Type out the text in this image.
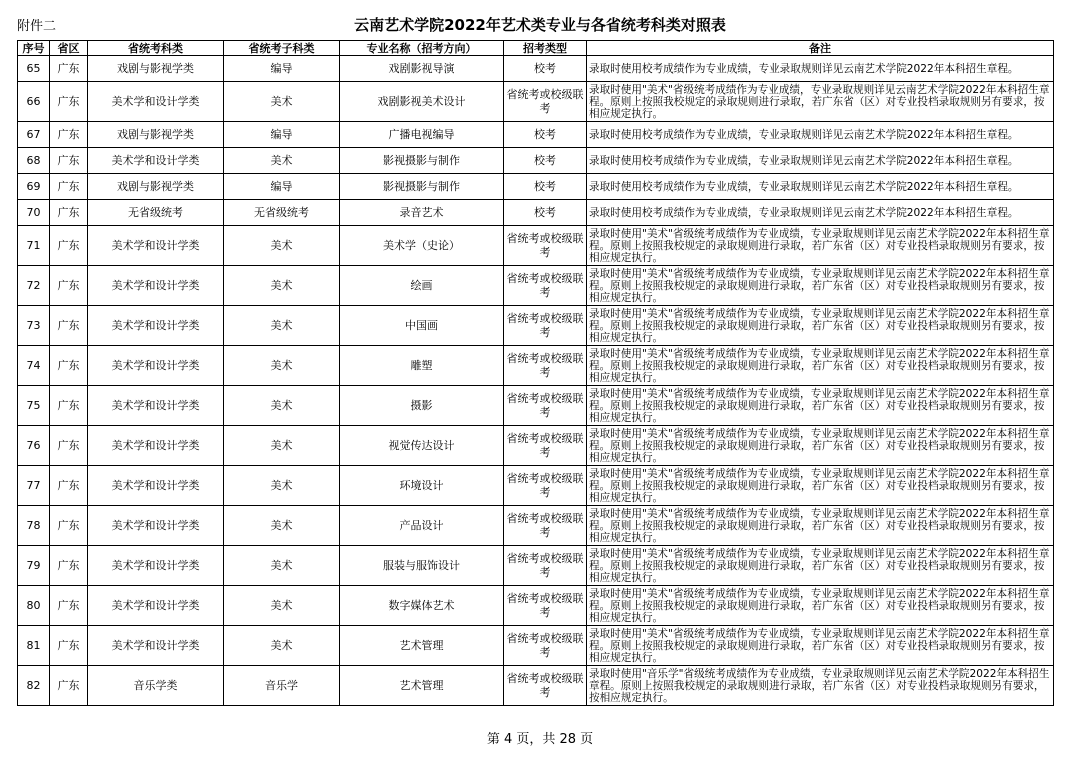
附件二	云南艺术学院2022年艺术类专业与各省统考科类对照表
序号	省区	省统考科类	省统考子科类	专业名称（招考方向）	招考类型	备注
65	广东	戏剧与影视学类	编导	戏剧影视导演	校考	录取时使用校考成绩作为专业成绩，专业录取规则详见云南艺术学院2022年本科招生章程。
66	广东	美术学和设计学类	美术	戏剧影视美术设计	省统考或校级联考	录取时使用"美术"省级统考成绩作为专业成绩，专业录取规则详见云南艺术学院2022年本科招生章程。原则上按照我校规定的录取规则进行录取，若广东省（区）对专业投档录取规则另有要求，按相应规定执行。
67	广东	戏剧与影视学类	编导	广播电视编导	校考	录取时使用校考成绩作为专业成绩，专业录取规则详见云南艺术学院2022年本科招生章程。
68	广东	美术学和设计学类	美术	影视摄影与制作	校考	录取时使用校考成绩作为专业成绩，专业录取规则详见云南艺术学院2022年本科招生章程。
69	广东	戏剧与影视学类	编导	影视摄影与制作	校考	录取时使用校考成绩作为专业成绩，专业录取规则详见云南艺术学院2022年本科招生章程。
70	广东	无省级统考	无省级统考	录音艺术	校考	录取时使用校考成绩作为专业成绩，专业录取规则详见云南艺术学院2022年本科招生章程。
71	广东	美术学和设计学类	美术	美术学（史论）	省统考或校级联考	录取时使用"美术"省级统考成绩作为专业成绩，专业录取规则详见云南艺术学院2022年本科招生章程。原则上按照我校规定的录取规则进行录取，若广东省（区）对专业投档录取规则另有要求，按相应规定执行。
72	广东	美术学和设计学类	美术	绘画	省统考或校级联考	录取时使用"美术"省级统考成绩作为专业成绩，专业录取规则详见云南艺术学院2022年本科招生章程。原则上按照我校规定的录取规则进行录取，若广东省（区）对专业投档录取规则另有要求，按相应规定执行。
73	广东	美术学和设计学类	美术	中国画	省统考或校级联考	录取时使用"美术"省级统考成绩作为专业成绩，专业录取规则详见云南艺术学院2022年本科招生章程。原则上按照我校规定的录取规则进行录取，若广东省（区）对专业投档录取规则另有要求，按相应规定执行。
74	广东	美术学和设计学类	美术	雕塑	省统考或校级联考	录取时使用"美术"省级统考成绩作为专业成绩，专业录取规则详见云南艺术学院2022年本科招生章程。原则上按照我校规定的录取规则进行录取，若广东省（区）对专业投档录取规则另有要求，按相应规定执行。
75	广东	美术学和设计学类	美术	摄影	省统考或校级联考	录取时使用"美术"省级统考成绩作为专业成绩，专业录取规则详见云南艺术学院2022年本科招生章程。原则上按照我校规定的录取规则进行录取，若广东省（区）对专业投档录取规则另有要求，按相应规定执行。
76	广东	美术学和设计学类	美术	视觉传达设计	省统考或校级联考	录取时使用"美术"省级统考成绩作为专业成绩，专业录取规则详见云南艺术学院2022年本科招生章程。原则上按照我校规定的录取规则进行录取，若广东省（区）对专业投档录取规则另有要求，按相应规定执行。
77	广东	美术学和设计学类	美术	环境设计	省统考或校级联考	录取时使用"美术"省级统考成绩作为专业成绩，专业录取规则详见云南艺术学院2022年本科招生章程。原则上按照我校规定的录取规则进行录取，若广东省（区）对专业投档录取规则另有要求，按相应规定执行。
78	广东	美术学和设计学类	美术	产品设计	省统考或校级联考	录取时使用"美术"省级统考成绩作为专业成绩，专业录取规则详见云南艺术学院2022年本科招生章程。原则上按照我校规定的录取规则进行录取，若广东省（区）对专业投档录取规则另有要求，按相应规定执行。
79	广东	美术学和设计学类	美术	服装与服饰设计	省统考或校级联考	录取时使用"美术"省级统考成绩作为专业成绩，专业录取规则详见云南艺术学院2022年本科招生章程。原则上按照我校规定的录取规则进行录取，若广东省（区）对专业投档录取规则另有要求，按相应规定执行。
80	广东	美术学和设计学类	美术	数字媒体艺术	省统考或校级联考	录取时使用"美术"省级统考成绩作为专业成绩，专业录取规则详见云南艺术学院2022年本科招生章程。原则上按照我校规定的录取规则进行录取，若广东省（区）对专业投档录取规则另有要求，按相应规定执行。
81	广东	美术学和设计学类	美术	艺术管理	省统考或校级联考	录取时使用"美术"省级统考成绩作为专业成绩，专业录取规则详见云南艺术学院2022年本科招生章程。原则上按照我校规定的录取规则进行录取，若广东省（区）对专业投档录取规则另有要求，按相应规定执行。
82	广东	音乐学类	音乐学	艺术管理	省统考或校级联考	录取时使用"音乐学"省级统考成绩作为专业成绩，专业录取规则详见云南艺术学院2022年本科招生章程。原则上按照我校规定的录取规则进行录取，若广东省（区）对专业投档录取规则另有要求，按相应规定执行。
第 4 页，共 28 页
